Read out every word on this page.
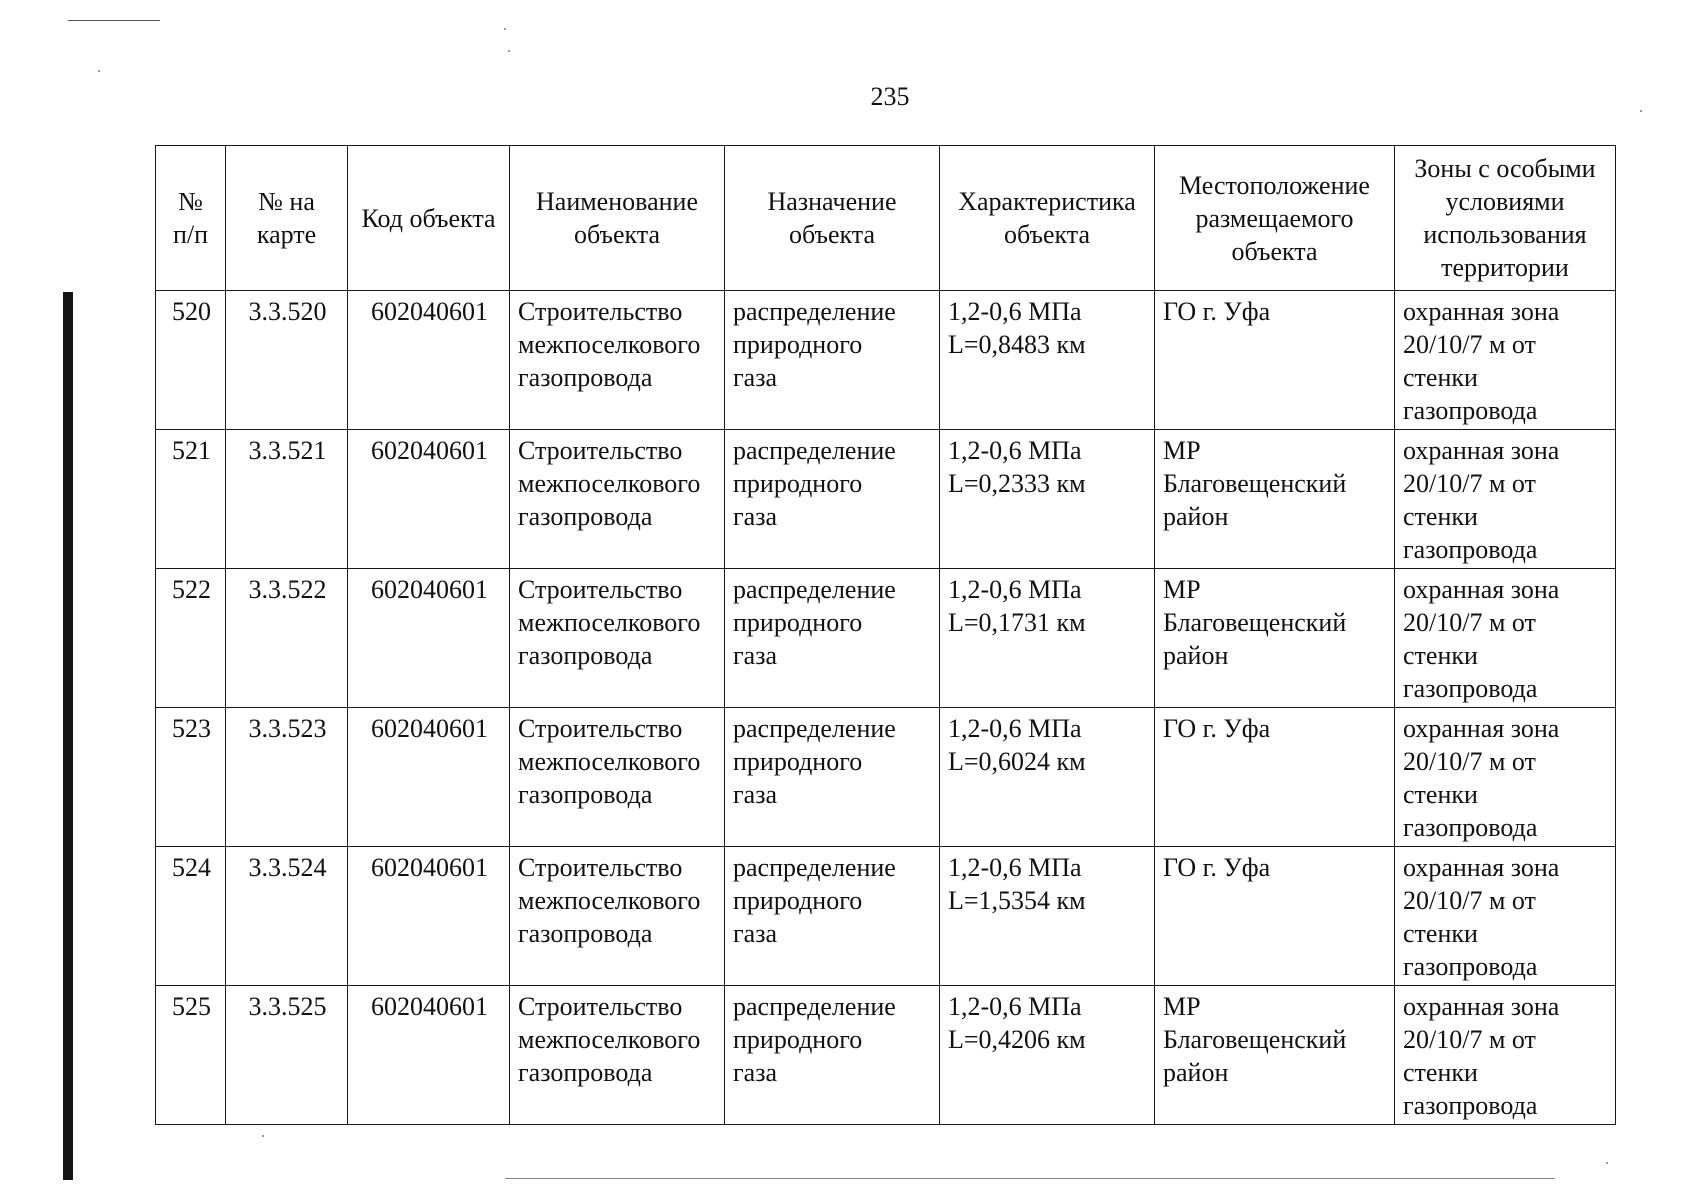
235
№
п/п	№ на
карте	Код объекта	Наименование
объекта	Назначение
объекта	Характеристика
объекта	Местоположение
размещаемого
объекта	Зоны с особыми
условиями
использования
территории
520	3.3.520	602040601	Строительство
межпоселкового
газопровода	распределение
природного
газа	1,2-0,6 МПа
L=0,8483 км	ГО г. Уфа	охранная зона
20/10/7 м от
стенки
газопровода
521	3.3.521	602040601	Строительство
межпоселкового
газопровода	распределение
природного
газа	1,2-0,6 МПа
L=0,2333 км	МР
Благовещенский
район	охранная зона
20/10/7 м от
стенки
газопровода
522	3.3.522	602040601	Строительство
межпоселкового
газопровода	распределение
природного
газа	1,2-0,6 МПа
L=0,1731 км	МР
Благовещенский
район	охранная зона
20/10/7 м от
стенки
газопровода
523	3.3.523	602040601	Строительство
межпоселкового
газопровода	распределение
природного
газа	1,2-0,6 МПа
L=0,6024 км	ГО г. Уфа	охранная зона
20/10/7 м от
стенки
газопровода
524	3.3.524	602040601	Строительство
межпоселкового
газопровода	распределение
природного
газа	1,2-0,6 МПа
L=1,5354 км	ГО г. Уфа	охранная зона
20/10/7 м от
стенки
газопровода
525	3.3.525	602040601	Строительство
межпоселкового
газопровода	распределение
природного
газа	1,2-0,6 МПа
L=0,4206 км	МР
Благовещенский
район	охранная зона
20/10/7 м от
стенки
газопровода
